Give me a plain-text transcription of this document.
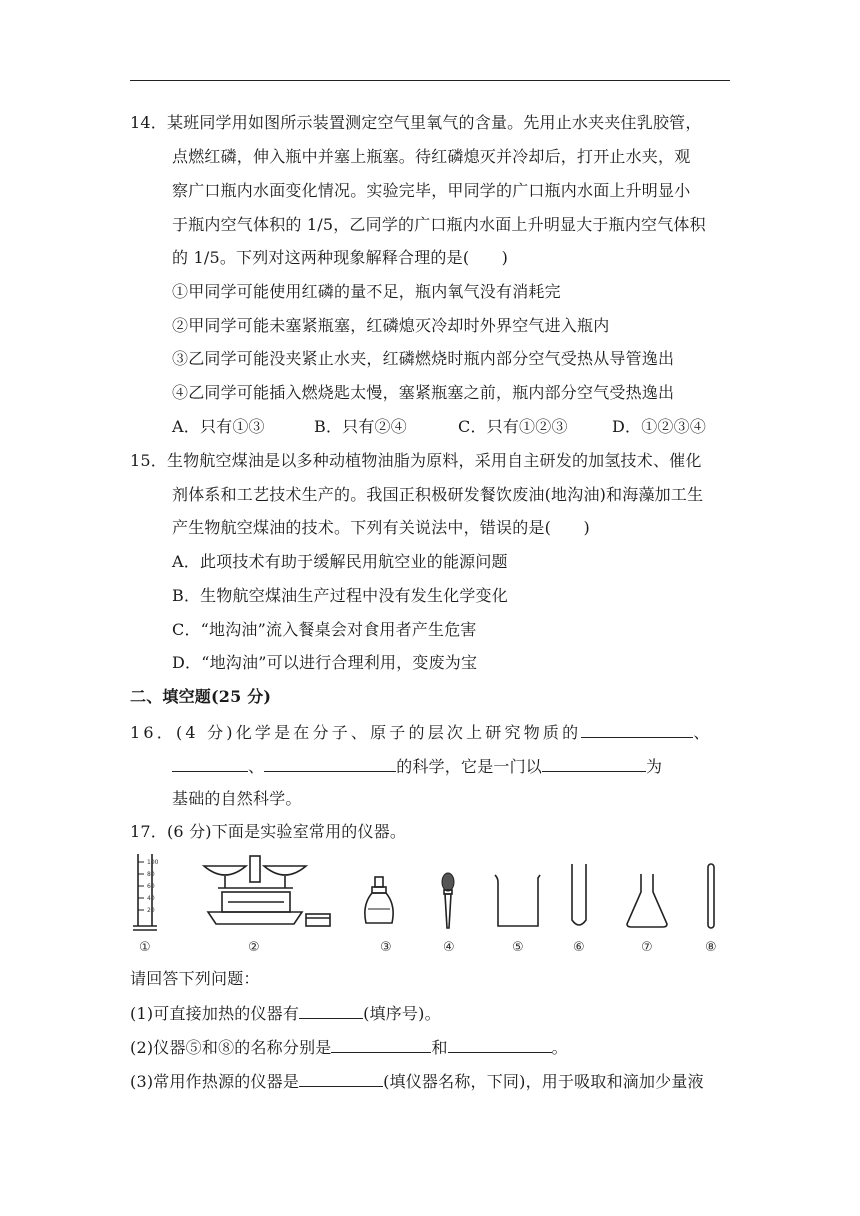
14．某班同学用如图所示装置测定空气里氧气的含量。先用止水夹夹住乳胶管，
点燃红磷，伸入瓶中并塞上瓶塞。待红磷熄灭并冷却后，打开止水夹，观
察广口瓶内水面变化情况。实验完毕，甲同学的广口瓶内水面上升明显小
于瓶内空气体积的 1/5，乙同学的广口瓶内水面上升明显大于瓶内空气体积
的 1/5。下列对这两种现象解释合理的是(　　)
①甲同学可能使用红磷的量不足，瓶内氧气没有消耗完
②甲同学可能未塞紧瓶塞，红磷熄灭冷却时外界空气进入瓶内
③乙同学可能没夹紧止水夹，红磷燃烧时瓶内部分空气受热从导管逸出
④乙同学可能插入燃烧匙太慢，塞紧瓶塞之前，瓶内部分空气受热逸出
A．只有①③	B．只有②④	C．只有①②③	D．①②③④
15．生物航空煤油是以多种动植物油脂为原料，采用自主研发的加氢技术、催化
剂体系和工艺技术生产的。我国正积极研发餐饮废油(地沟油)和海藻加工生
产生物航空煤油的技术。下列有关说法中，错误的是(　　)
A．此项技术有助于缓解民用航空业的能源问题
B．生物航空煤油生产过程中没有发生化学变化
C．“地沟油”流入餐桌会对食用者产生危害
D．“地沟油”可以进行合理利用，变废为宝
二、填空题(25 分)
16．(4 分)化学是在分子、原子的层次上研究物质的	、
、	的科学，它是一门以	为
基础的自然科学。
17．(6 分)下面是实验室常用的仪器。
100
80
60
40
20
①	②	③	④	⑤	⑥	⑦	⑧
请回答下列问题：
(1)可直接加热的仪器有	(填序号)。
(2)仪器⑤和⑧的名称分别是	和	。
(3)常用作热源的仪器是	(填仪器名称，下同)，用于吸取和滴加少量液
